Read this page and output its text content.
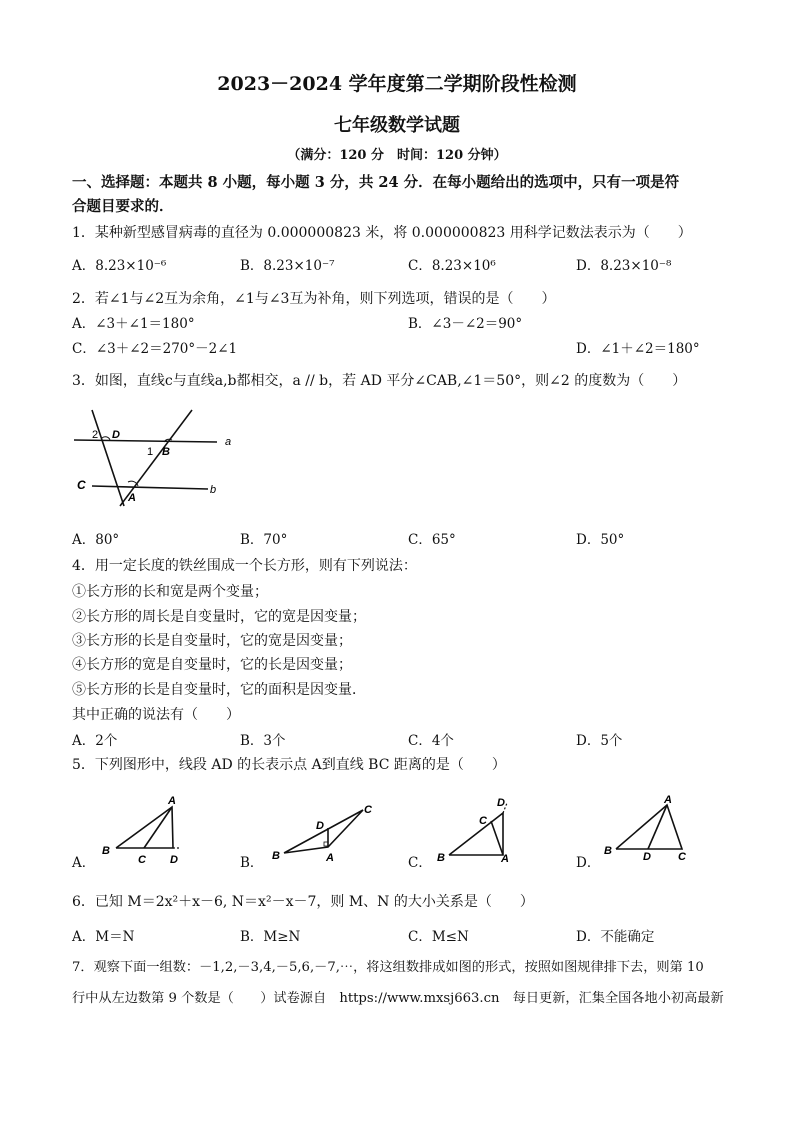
2023－2024 学年度第二学期阶段性检测
七年级数学试题
（满分：120 分　时间：120 分钟）
一、选择题：本题共 8 小题，每小题 3 分，共 24 分．在每小题给出的选项中，只有一项是符
合题目要求的．
1．某种新型感冒病毒的直径为 0.000000823 米，将 0.000000823 用科学记数法表示为（　　）
A．8.23×10⁻⁶	B．8.23×10⁻⁷	C．8.23×10⁶	D．8.23×10⁻⁸
2．若∠1与∠2互为余角，∠1与∠3互为补角，则下列选项，错误的是（　　）
A．∠3＋∠1＝180°	B．∠3－∠2＝90°
C．∠3＋∠2＝270°－2∠1	D．∠1＋∠2＝180°
3．如图，直线c与直线a,b都相交，a // b，若 AD 平分∠CAB,∠1＝50°，则∠2 的度数为（　　）
2 D
1 B
a
C
A
b
A．80°	B．70°	C．65°	D．50°
4．用一定长度的铁丝围成一个长方形，则有下列说法：
①长方形的长和宽是两个变量；
②长方形的周长是自变量时，它的宽是因变量；
③长方形的长是自变量时，它的宽是因变量；
④长方形的宽是自变量时，它的长是因变量；
⑤长方形的长是自变量时，它的面积是因变量．
其中正确的说法有（　　）
A．2个	B．3个	C．4个	D．5个
5．下列图形中，线段 AD 的长表示点 A到直线 BC 距离的是（　　）
A．
A
B
C D	B．
C
D
B	A	C．
D
C
B	A	D．
A
B	D C
6．已知 M＝2x²＋x－6, N＝x²－x－7，则 M、N 的大小关系是（　　）
A．M＝N	B．M≥N	C．M≤N	D．不能确定
7．观察下面一组数：－1,2,－3,4,－5,6,－7,⋯，将这组数排成如图的形式，按照如图规律排下去，则第 10
行中从左边数第 9 个数是（　　）试卷源自　https://www.mxsj663.cn　每日更新，汇集全国各地小初高最新
